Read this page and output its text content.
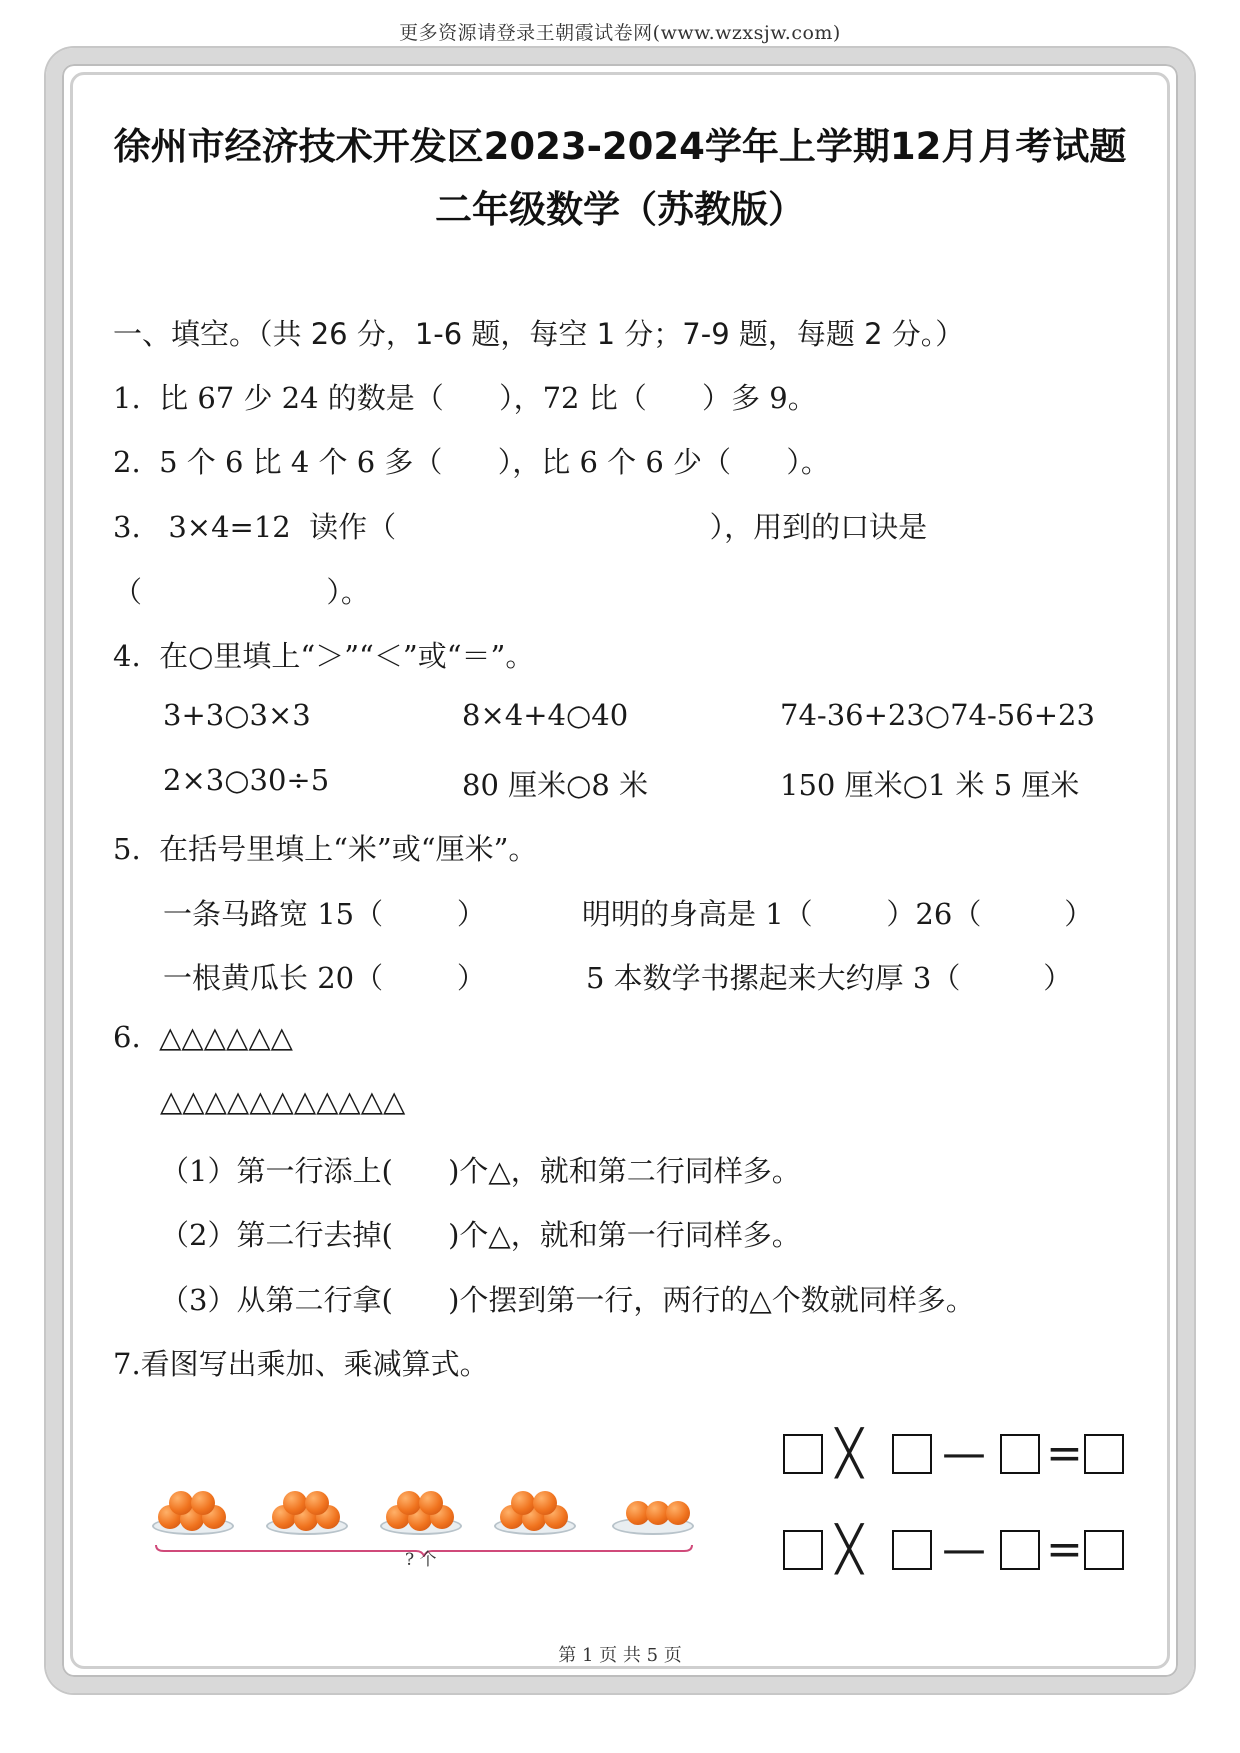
更多资源请登录王朝霞试卷网(www.wzxsjw.com)
徐州市经济技术开发区2023-2024学年上学期12月月考试题
二年级数学（苏教版）
一、填空。（共 26 分，1-6 题，每空 1 分；7-9 题，每题 2 分。）
1.  比 67 少 24 的数是（      ），72 比（      ）多 9。
2.  5 个 6 比 4 个 6 多（      ），比 6 个 6 少（      ）。
3.   3×4=12  读作（                                  ），用到的口诀是
（                    ）。
4.  在○里填上“＞”“＜”或“＝”。
3+3○3×3	8×4+4○40	74-36+23○74-56+23
2×3○30÷5	80 厘米○8 米	150 厘米○1 米 5 厘米
5.  在括号里填上“米”或“厘米”。
一条马路宽 15（        ）	明明的身高是 1（        ）26（         ）
一根黄瓜长 20（        ）	5 本数学书摞起来大约厚 3（         ）
6.  △△△△△△
△△△△△△△△△△△
（1）第一行添上(      )个△，就和第二行同样多。
（2）第二行去掉(      )个△，就和第一行同样多。
（3）从第二行拿(      )个摆到第一行，两行的△个数就同样多。
7.看图写出乘加、乘减算式。
? 个
╳ — =
╳ — =
第 1 页 共 5 页
